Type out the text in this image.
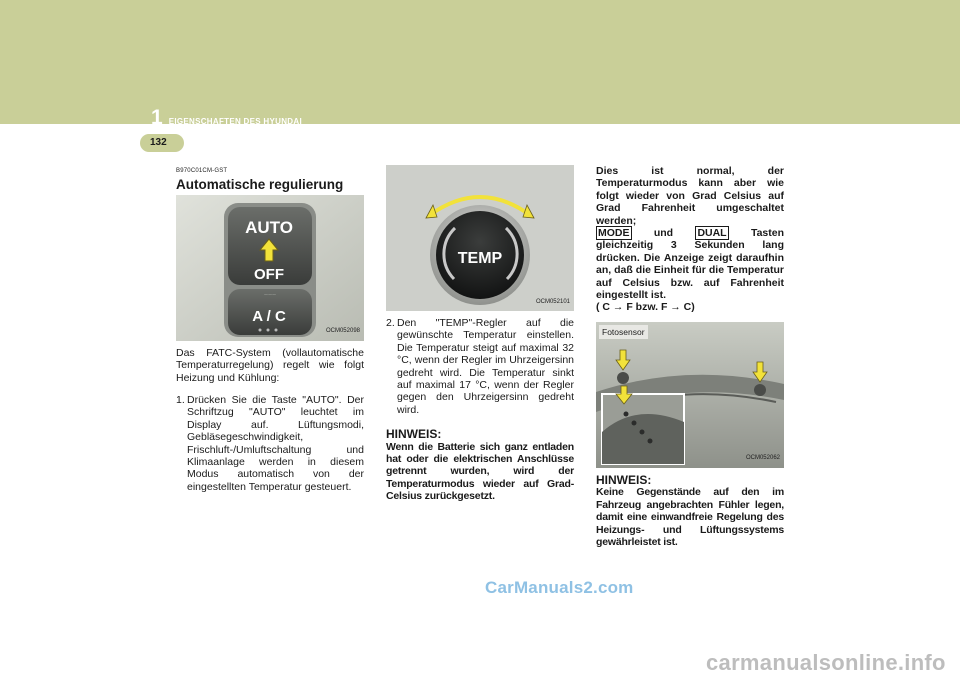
1 EIGENSCHAFTEN DES HYUNDAI
132
B970C01CM-GST
Automatische regulierung
~~~
AUTO
OFF
A / C
OCM052098
Das FATC-System (vollautomatische Temperaturregelung) regelt wie folgt Heizung und Kühlung:
1. Drücken Sie die Taste "AUTO". Der Schriftzug "AUTO" leuchtet im Display auf. Lüftungsmodi, Gebläsegeschwindigkeit, Frischluft-/Umluftschaltung und Klimaanlage werden in diesem Modus automatisch von der eingestellten Temperatur gesteuert.
TEMP
OCM052101
2. Den "TEMP"-Regler auf die gewünschte Temperatur einstellen. Die Temperatur steigt auf maximal 32 °C, wenn der Regler im Uhrzeigersinn gedreht wird. Die Temperatur sinkt auf maximal 17 °C, wenn der Regler gegen den Uhrzeigersinn gedreht wird.
HINWEIS:
Wenn die Batterie sich ganz entladen hat oder die elektrischen Anschlüsse getrennt wurden, wird der Temperaturmodus wieder auf Grad-Celsius zurückgesetzt.
Dies ist normal, der Temperaturmodus kann aber wie folgt wieder von Grad Celsius auf Grad Fahrenheit umgeschaltet werden;
MODE und DUAL Tasten gleichzeitig 3 Sekunden lang drücken. Die Anzeige zeigt daraufhin an, daß die Einheit für die Temperatur auf Celsius bzw. auf Fahrenheit eingestellt ist.
( C → F bzw. F → C)
Fotosensor
OCM052062
HINWEIS:
Keine Gegenstände auf den im Fahrzeug angebrachten Fühler legen, damit eine einwandfreie Regelung des Heizungs- und Lüftungssystems gewährleistet ist.
CarManuals2.com
carmanualsonline.info
